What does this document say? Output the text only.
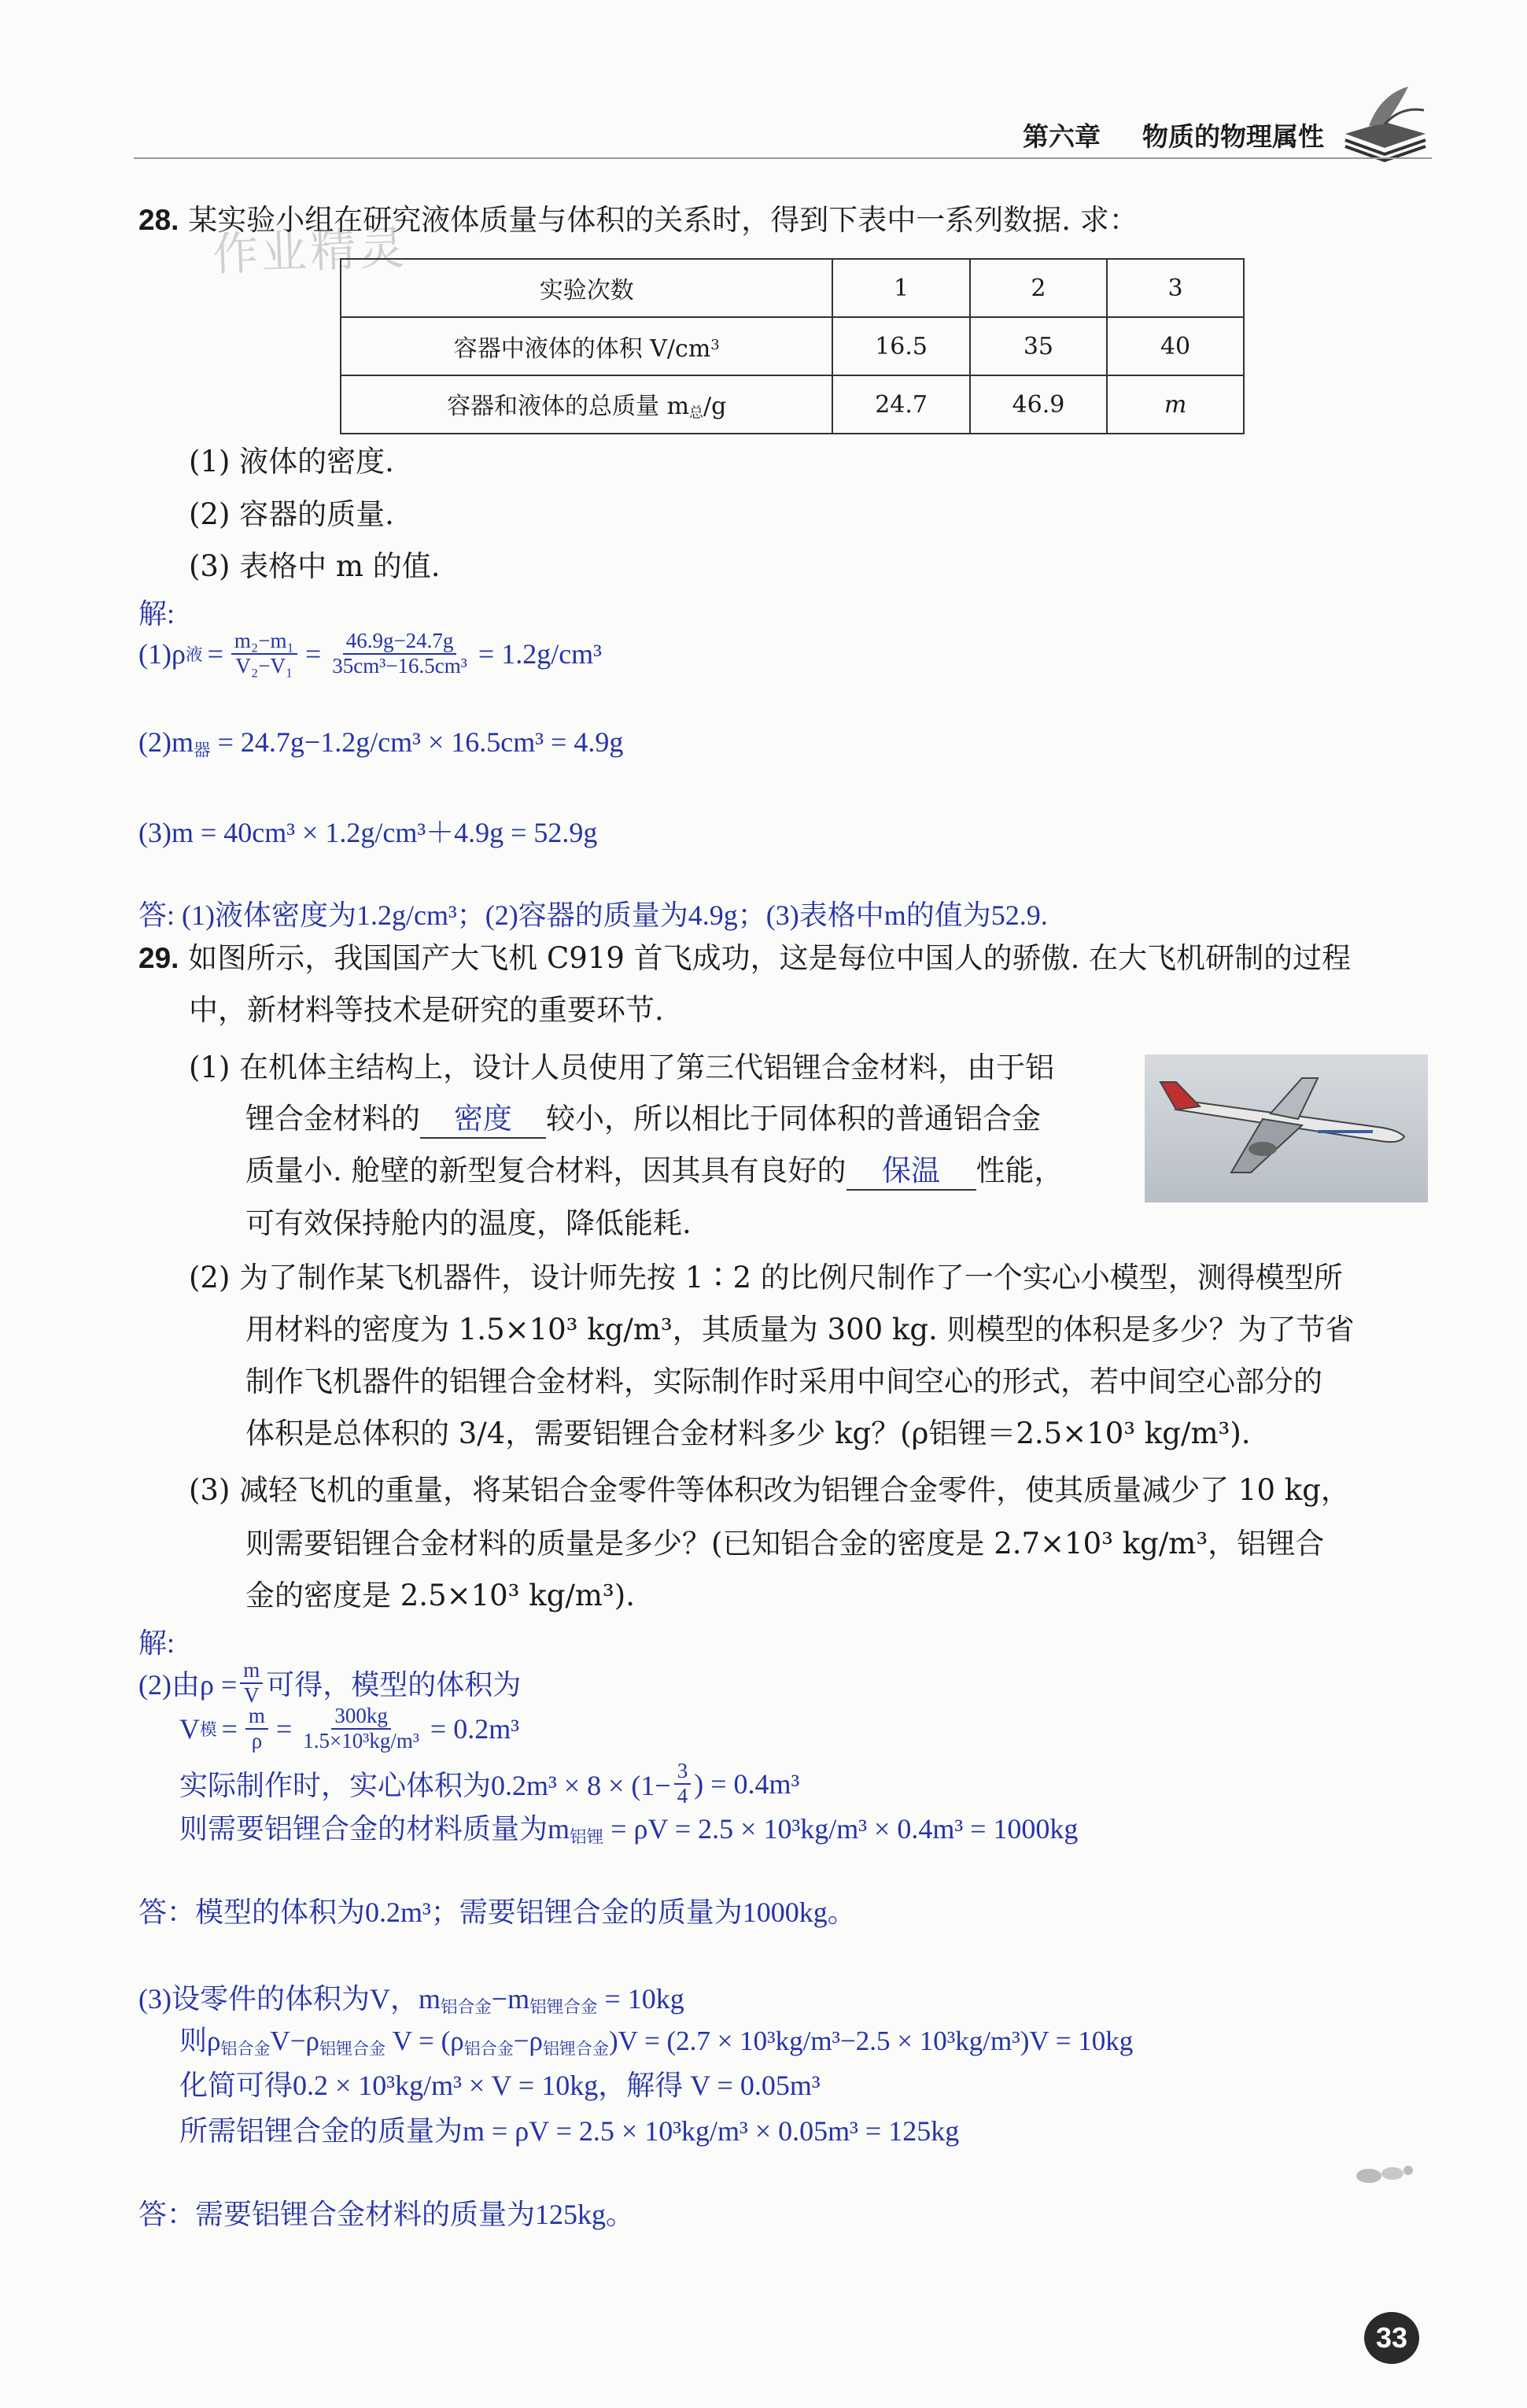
第六章 物质的物理属性
作业精灵
28. 某实验小组在研究液体质量与体积的关系时，得到下表中一系列数据. 求：
实验次数	1	2	3
容器中液体的体积 $V/cm^3$	16.5	35	40
容器和液体的总质量 $m_总/g$	24.7	46.9	m
(1) 液体的密度.
(2) 容器的质量.
(3) 表格中 m 的值.
解:
(1)ρ 液 = $\frac{\text{m₂−m₁}}{\text{V₂−V₁}} = \frac{46.9g-24.7g}{\text{35cm³−16.5cm³}} = 1.2g/cm^3$
$(2)m_器 = 24.7g-1.2g/cm^3 \times 16.5cm^3 = 4.9g$
(3)m = 40cm³ × 1.2g/cm³＋4.9g = 52.9g
答: (1)液体密度为1.2g/cm³；(2)容器的质量为4.9g；(3)表格中m的值为52.9.
29. 如图所示，我国国产大飞机 C919 首飞成功，这是每位中国人的骄傲. 在大飞机研制的过程
中，新材料等技术是研究的重要环节.
(1) 在机体主结构上，设计人员使用了第三代铝锂合金材料，由于铝
锂合金材料的 密度 较小，所以相比于同体积的普通铝合金
质量小. 舱壁的新型复合材料，因其具有良好的 保温 性能，
可有效保持舱内的温度，降低能耗.
(2) 为了制作某飞机器件，设计师先按 1∶2 的比例尺制作了一个实心小模型，测得模型所
用材料的密度为 1.5×10³ kg/m³，其质量为 300 kg. 则模型的体积是多少？为了节省
制作飞机器件的铝锂合金材料，实际制作时采用中间空心的形式，若中间空心部分的
体积是总体积的 3/4，需要铝锂合金材料多少 kg？(ρ铝锂＝2.5×10³ kg/m³).
(3) 减轻飞机的重量，将某铝合金零件等体积改为铝锂合金零件，使其质量减少了 10 kg，
则需要铝锂合金材料的质量是多少？(已知铝合金的密度是 2.7×10³ kg/m³，铝锂合
金的密度是 2.5×10³ kg/m³).
解:
(2)由$\rho = \frac{m}{V}$ 可得，模型的体积为
V 模 = $\frac{m}{\rho} = \frac{300kg}{\text{1.5×10³kg/m³}} = 0.2m^3$
实际制作时，实心体积为$0.2m^3 \times 8 \times (1- \frac{3}{4}$ ) = 0.4m³
则需要铝锂合金的材料质量为$m_{铝锂} = \rho V = 2.5 \times 10^3kg/m^3 \times 0.4m^3 = 1000kg$
答：模型的体积为0.2m³；需要铝锂合金的质量为1000kg。
(3)设零件的体积为V，$m_{铝合金}-m_{铝锂合金} = 10kg$
则$\rho_{铝合金}V-\rho_{铝锂合金}$ $V = (\rho_{铝合金}-\rho_{铝锂合金})V = (2.7 \times 10^3kg/m^3-2.5 \times 10^3kg/m^3)V = 10kg$
化简可得0.2 × 10³kg/m³ × V = 10kg，解得 V = 0.05m³
所需铝锂合金的质量为m = ρV = 2.5 × 10³kg/m³ × 0.05m³ = 125kg
答：需要铝锂合金材料的质量为125kg。
33
